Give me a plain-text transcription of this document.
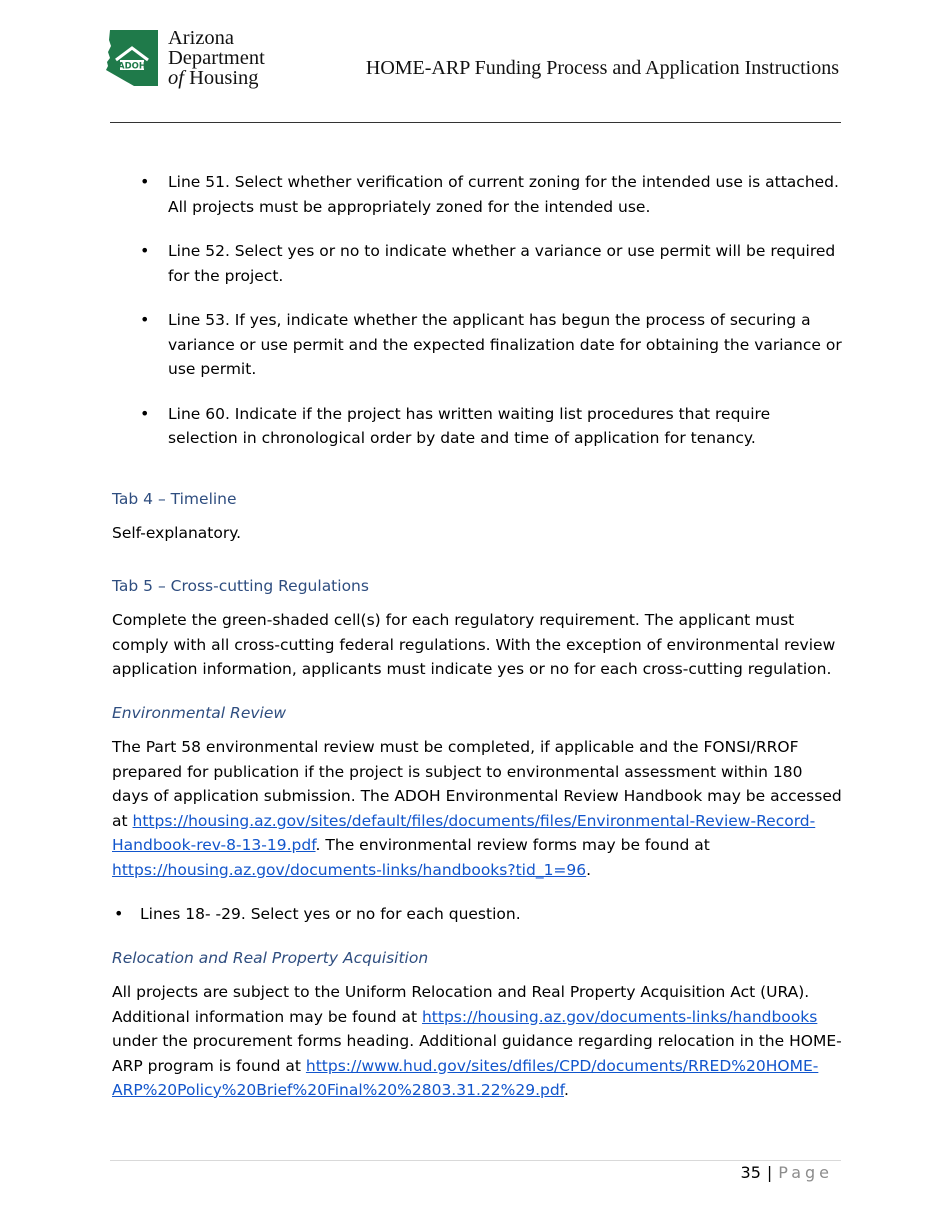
ADOH
Arizona
Department
of Housing	HOME-ARP Funding Process and Application Instructions
• Line 51. Select whether verification of current zoning for the intended use is attached. All projects must be appropriately zoned for the intended use.
• Line 52. Select yes or no to indicate whether a variance or use permit will be required for the project.
• Line 53. If yes, indicate whether the applicant has begun the process of securing a variance or use permit and the expected finalization date for obtaining the variance or use permit.
• Line 60. Indicate if the project has written waiting list procedures that require selection in chronological order by date and time of application for tenancy.
Tab 4 – Timeline

Self-explanatory.

Tab 5 – Cross-cutting Regulations

Complete the green-shaded cell(s) for each regulatory requirement. The applicant must comply with all cross-cutting federal regulations. With the exception of environmental review application information, applicants must indicate yes or no for each cross-cutting regulation.

Environmental Review

The Part 58 environmental review must be completed, if applicable and the FONSI/RROF prepared for publication if the project is subject to environmental assessment within 180 days of application submission. The ADOH Environmental Review Handbook may be accessed at https://housing.az.gov/sites/default/files/documents/files/Environmental-Review-Record-Handbook-rev-8-13-19.pdf. The environmental review forms may be found at https://housing.az.gov/documents-links/handbooks?tid_1=96.

• Lines 18- -29. Select yes or no for each question.
Relocation and Real Property Acquisition

All projects are subject to the Uniform Relocation and Real Property Acquisition Act (URA). Additional information may be found at https://housing.az.gov/documents-links/handbooks under the procurement forms heading. Additional guidance regarding relocation in the HOME-ARP program is found at https://www.hud.gov/sites/dfiles/CPD/documents/RRED%20HOME-ARP%20Policy%20Brief%20Final%20%2803.31.22%29.pdf.

35 | Page
